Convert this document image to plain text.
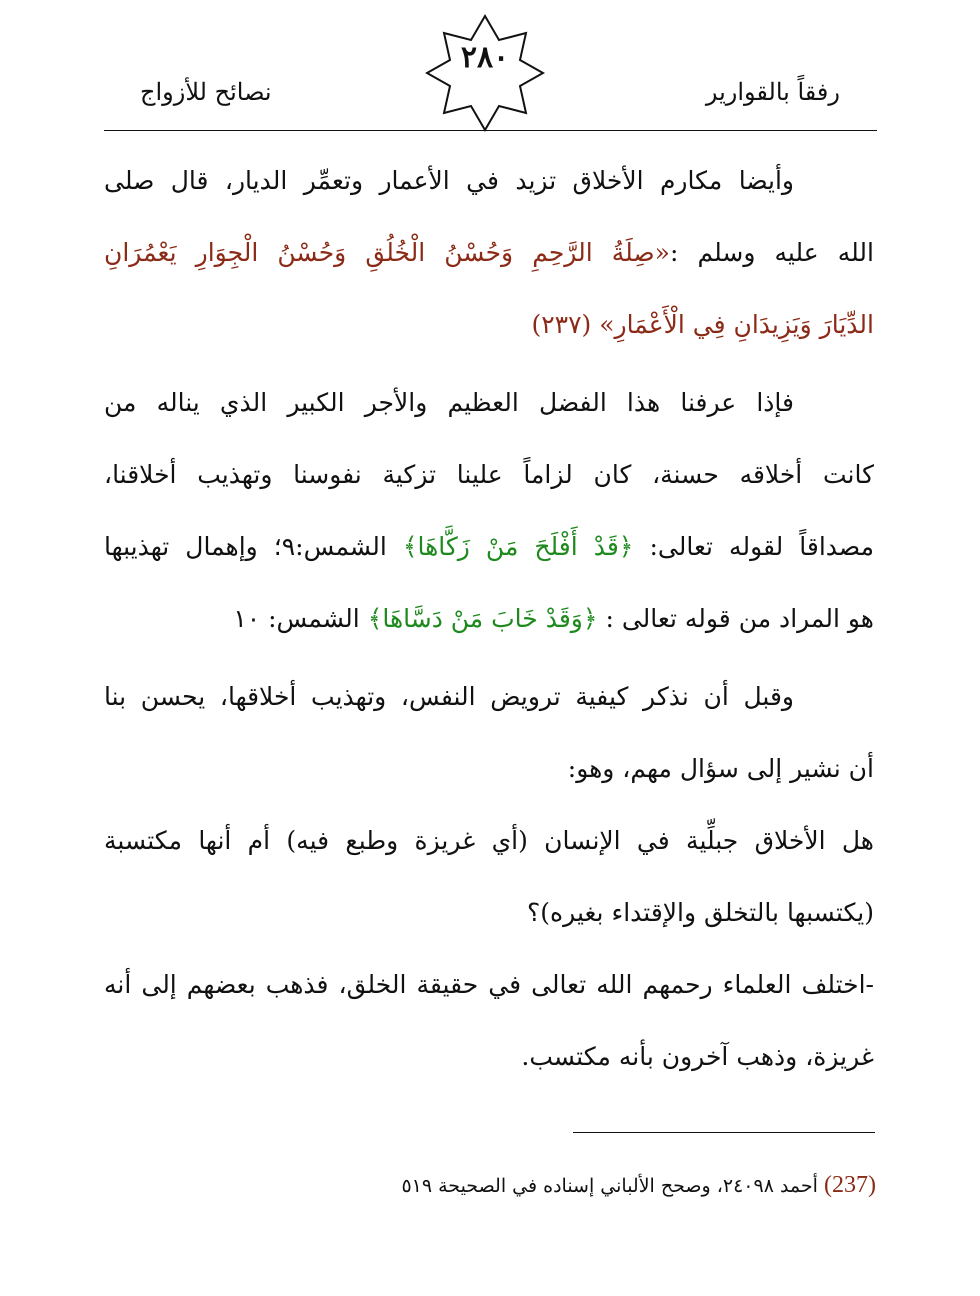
رفقاً بالقوارير
نصائح للأزواج
٢٨٠
وأيضا مكارم الأخلاق تزيد في الأعمار وتعمِّر الديار، قال صلى
الله عليه وسلم :«صِلَةُ الرَّحِمِ وَحُسْنُ الْخُلُقِ وَحُسْنُ الْجِوَارِ يَعْمُرَانِ
الدِّيَارَ وَيَزِيدَانِ فِي الْأَعْمَارِ» (٢٣٧)
فإذا عرفنا هذا الفضل العظيم والأجر الكبير الذي يناله من
كانت أخلاقه حسنة، كان لزاماً علينا تزكية نفوسنا وتهذيب أخلاقنا،
مصداقاً لقوله تعالى: ﴿قَدْ أَفْلَحَ مَنْ زَكَّاهَا﴾ الشمس:٩؛ وإهمال تهذيبها
هو المراد من قوله تعالى : ﴿وَقَدْ خَابَ مَنْ دَسَّاهَا﴾ الشمس: ١٠
وقبل أن نذكر كيفية ترويض النفس، وتهذيب أخلاقها، يحسن بنا
أن نشير إلى سؤال مهم، وهو:
هل الأخلاق جبلِّية في الإنسان (أي غريزة وطبع فيه) أم أنها مكتسبة
(يكتسبها بالتخلق والإقتداء بغيره)؟
-اختلف العلماء رحمهم الله تعالى في حقيقة الخلق، فذهب بعضهم إلى أنه
غريزة، وذهب آخرون بأنه مكتسب.
(237) أحمد ٢٤٠٩٨، وصحح الألباني إسناده في الصحيحة ٥١٩
